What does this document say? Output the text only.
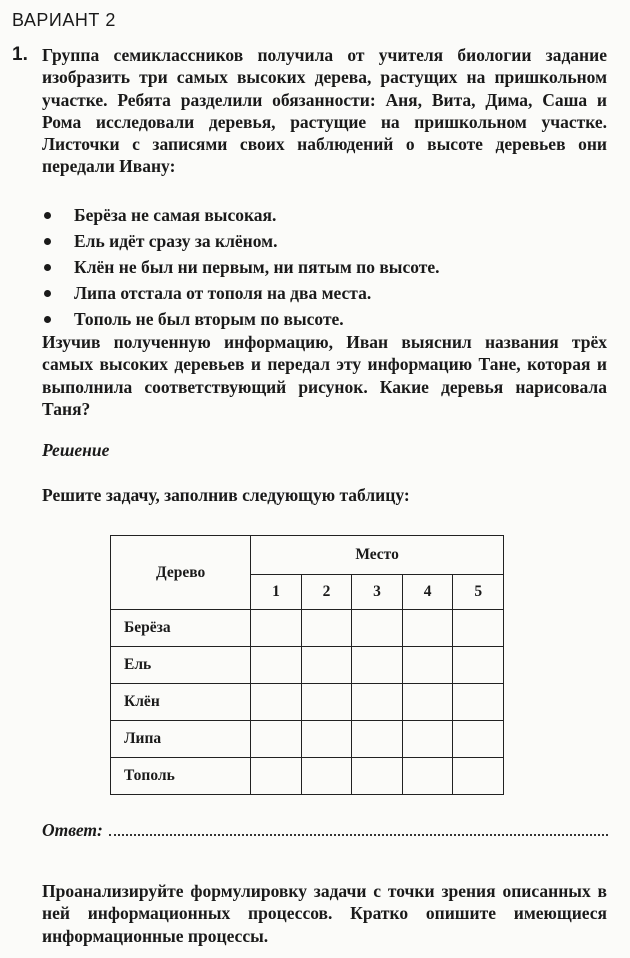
ВАРИАНТ 2
1. Группа семиклассников получила от учителя биологии задание изобразить три самых высоких дерева, растущих на пришкольном участке. Ребята разделили обязанности: Аня, Вита, Дима, Саша и Рома исследовали деревья, растущие на пришкольном участке. Листочки с записями своих наблюдений о высоте деревьев они передали Ивану:

Берёза не самая высокая.
Ель идёт сразу за клёном.
Клён не был ни первым, ни пятым по высоте.
Липа отстала от тополя на два места.
Тополь не был вторым по высоте.

Изучив полученную информацию, Иван выяснил названия трёх самых высоких деревьев и передал эту информацию Тане, которая и выполнила соответствующий рисунок. Какие деревья нарисовала Таня?

Решение
Решите задачу, заполнив следующую таблицу:
Дерево	Место				
	1	2	3	4	5
Берёза					
Ель					
Клён					
Липа					
Тополь					
Ответ:

Проанализируйте формулировку задачи с точки зрения описанных в ней информационных процессов. Кратко опишите имеющиеся информационные процессы.
